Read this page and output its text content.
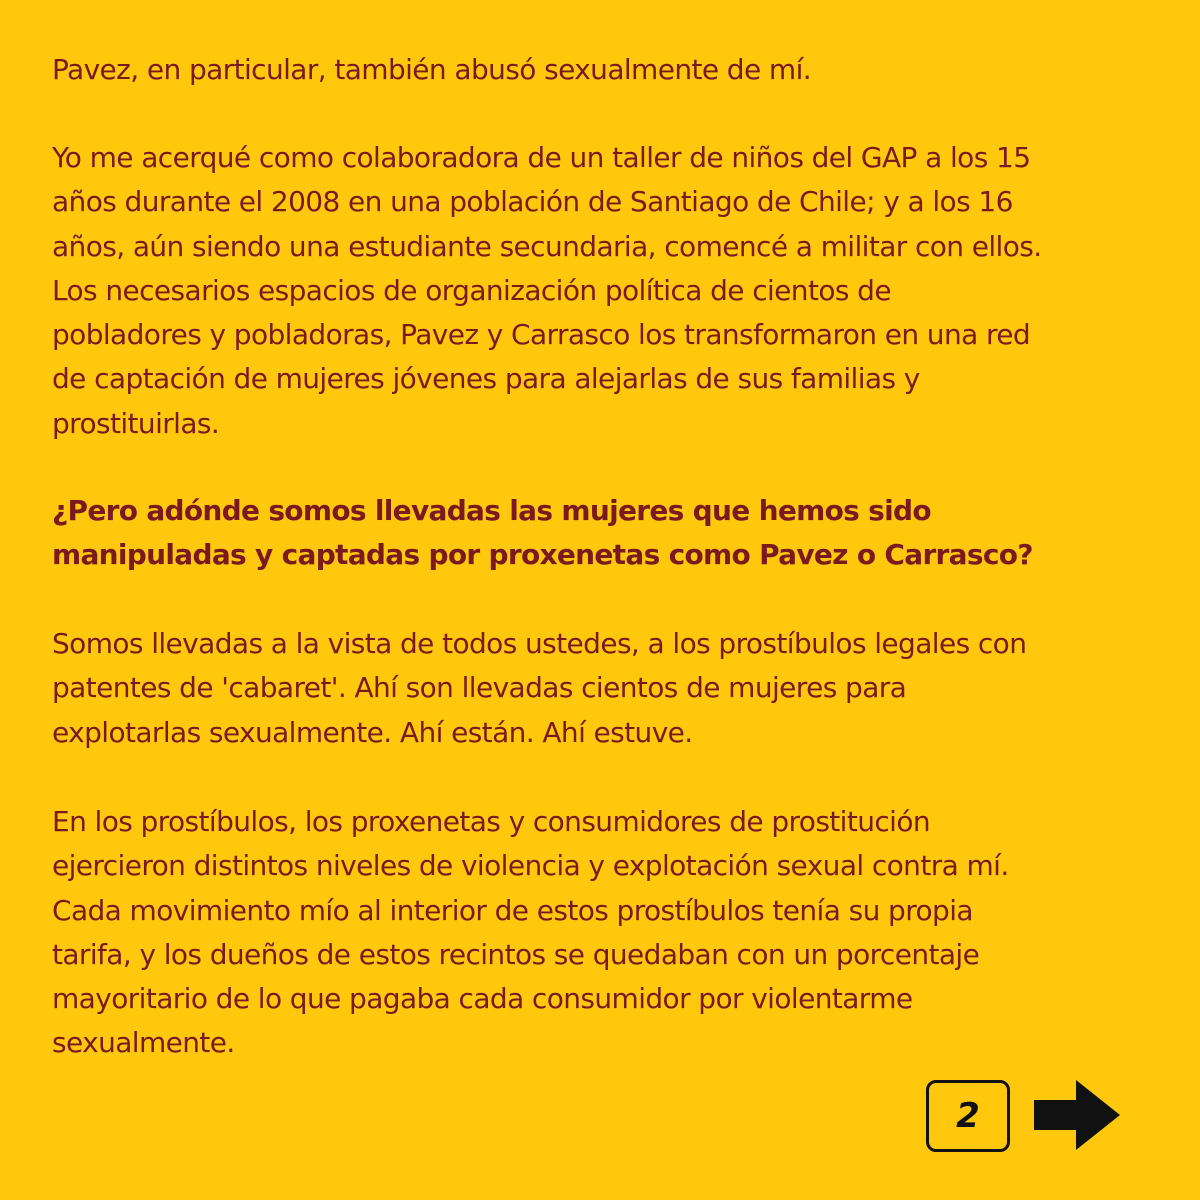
Pavez, en particular, también abusó sexualmente de mí.

Yo me acerqué como colaboradora de un taller de niños del GAP a los 15
años durante el 2008 en una población de Santiago de Chile; y a los 16
años, aún siendo una estudiante secundaria, comencé a militar con ellos.
Los necesarios espacios de organización política de cientos de
pobladores y pobladoras, Pavez y Carrasco los transformaron en una red
de captación de mujeres jóvenes para alejarlas de sus familias y
prostituirlas.

¿Pero adónde somos llevadas las mujeres que hemos sido
manipuladas y captadas por proxenetas como Pavez o Carrasco?

Somos llevadas a la vista de todos ustedes, a los prostíbulos legales con
patentes de 'cabaret'. Ahí son llevadas cientos de mujeres para
explotarlas sexualmente. Ahí están. Ahí estuve.

En los prostíbulos, los proxenetas y consumidores de prostitución
ejercieron distintos niveles de violencia y explotación sexual contra mí.
Cada movimiento mío al interior de estos prostíbulos tenía su propia
tarifa, y los dueños de estos recintos se quedaban con un porcentaje
mayoritario de lo que pagaba cada consumidor por violentarme
sexualmente.

2
